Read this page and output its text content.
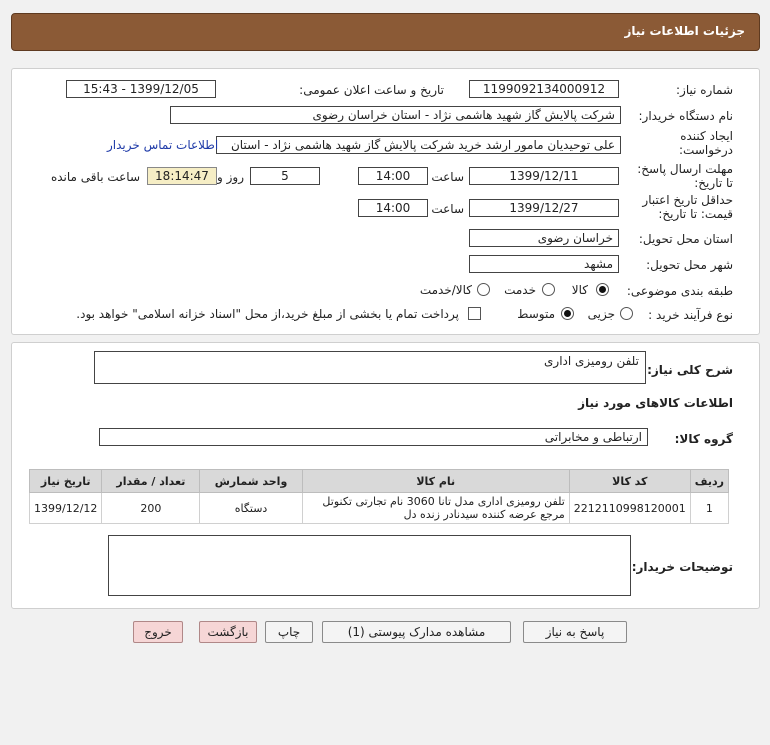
جزئیات اطلاعات نیاز
شماره نیاز:
1199092134000912
تاریخ و ساعت اعلان عمومی:
1399/12/05 - 15:43
نام دستگاه خریدار:
شرکت پالایش گاز شهید هاشمی نژاد - استان خراسان رضوی
ایجاد کننده درخواست:
علی توحیدیان مامور ارشد خرید شرکت پالایش گاز شهید هاشمی نژاد - استان
اطلاعات تماس خریدار
مهلت ارسال پاسخ: تا تاریخ:
1399/12/11
ساعت
14:00
5
روز و
18:14:47
ساعت باقی مانده
حداقل تاریخ اعتبار قیمت: تا تاریخ:
1399/12/27
ساعت
14:00
استان محل تحویل:
خراسان رضوی
شهر محل تحویل:
مشهد
طبقه بندی موضوعی:
کالا
خدمت
کالا/خدمت
نوع فرآیند خرید :
جزیی
متوسط
پرداخت تمام یا بخشی از مبلغ خرید،از محل "اسناد خزانه اسلامی" خواهد بود.
شرح کلی نیاز:
تلفن رومیزی اداری
اطلاعات کالاهای مورد نیاز
گروه کالا:
ارتباطی و مخابراتی
ردیف	کد کالا	نام کالا	واحد شمارش	تعداد / مقدار	تاریخ نیاز
1	2212110998120001	تلفن رومیزی اداری مدل تانا 3060 نام تجارتی تکنوتل مرجع عرضه کننده سیدنادر زنده دل	دستگاه	200	1399/12/12
توضیحات خریدار:
پاسخ به نیاز
مشاهده مدارک پیوستی (1)
چاپ
بازگشت
خروج
